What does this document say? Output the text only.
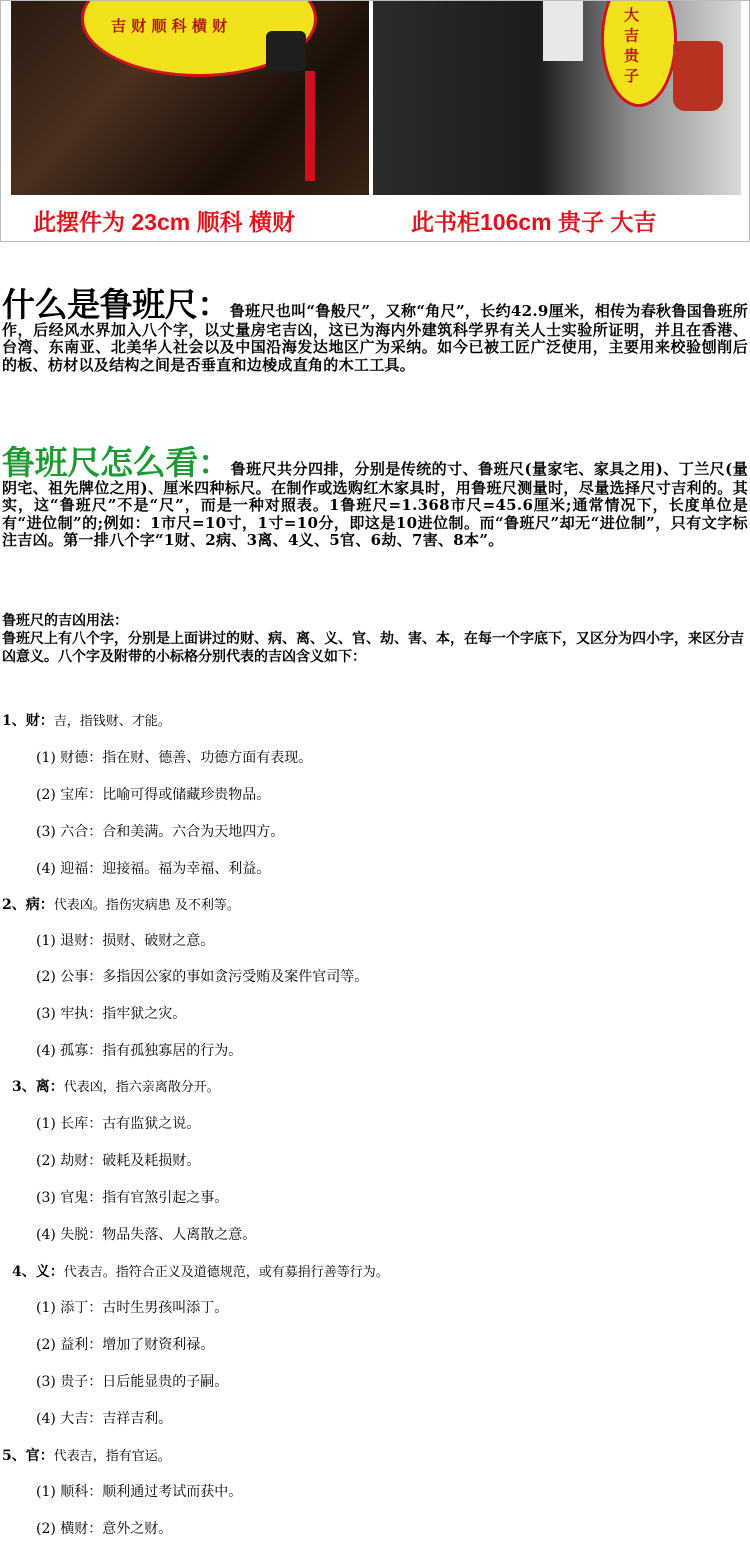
吉 财 顺 科 横 财	大 吉 贵 子
此摆件为 23cm 顺科 横财	此书柜106cm 贵子 大吉
什么是鲁班尺：鲁班尺也叫“鲁般尺”，又称“角尺”，长约42.9厘米，相传为春秋鲁国鲁班所作，后经风水界加入八个字，以丈量房宅吉凶，这已为海内外建筑科学界有关人士实验所证明，并且在香港、台湾、东南亚、北美华人社会以及中国沿海发达地区广为采纳。如今已被工匠广泛使用，主要用来校验刨削后的板、枋材以及结构之间是否垂直和边棱成直角的木工工具。
鲁班尺怎么看：鲁班尺共分四排，分别是传统的寸、鲁班尺(量家宅、家具之用)、丁兰尺(量阴宅、祖先牌位之用)、厘米四种标尺。在制作或选购红木家具时，用鲁班尺测量时，尽量选择尺寸吉利的。其实，这“鲁班尺”不是“尺”，而是一种对照表。1鲁班尺=1.368市尺=45.6厘米;通常情况下，长度单位是有“进位制”的;例如：1市尺=10寸，1寸=10分，即这是10进位制。而“鲁班尺”却无“进位制”，只有文字标注吉凶。第一排八个字“1财、2病、3离、4义、5官、6劫、7害、8本”。
鲁班尺的吉凶用法：
鲁班尺上有八个字，分别是上面讲过的财、病、离、义、官、劫、害、本，在每一个字底下，又区分为四小字，来区分吉凶意义。八个字及附带的小标格分别代表的吉凶含义如下：
1、财：吉，指钱财、才能。
(1) 财德：指在财、德善、功德方面有表现。
(2) 宝库：比喻可得或储藏珍贵物品。
(3) 六合：合和美满。六合为天地四方。
(4) 迎福：迎接福。福为幸福、利益。
2、病：代表凶。指伤灾病患 及不利等。
(1) 退财：损财、破财之意。
(2) 公事：多指因公家的事如贪污受贿及案件官司等。
(3) 牢执：指牢狱之灾。
(4) 孤寡：指有孤独寡居的行为。
3、离：代表凶，指六亲离散分开。
(1) 长库：古有监狱之说。
(2) 劫财：破耗及耗损财。
(3) 官鬼：指有官煞引起之事。
(4) 失脱：物品失落、人离散之意。
4、义：代表吉。指符合正义及道德规范，或有募捐行善等行为。
(1) 添丁：古时生男孩叫添丁。
(2) 益利：增加了财资利禄。
(3) 贵子：日后能显贵的子嗣。
(4) 大吉：吉祥吉利。
5、官：代表吉，指有官运。
(1) 顺科：顺利通过考试而获中。
(2) 横财：意外之财。
